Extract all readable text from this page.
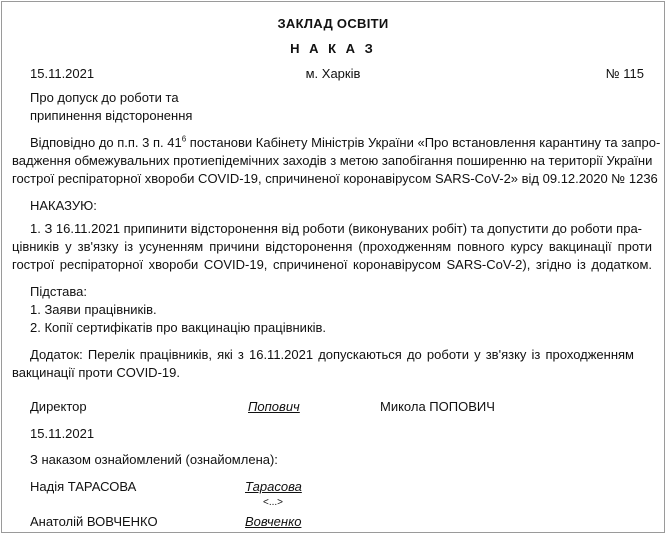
ЗАКЛАД ОСВІТИ
Н А К А З
15.11.2021	м. Харків	№ 115
Про допуск до роботи та
припинення відсторонення
Відповідно до п.п. 3 п. $41^6$ постанови Кабінету Міністрів України «Про встановлення карантину та запро-
вадження обмежувальних протиепідемічних заходів з метою запобігання поширенню на території України
гострої респіраторної хвороби COVID-19, спричиненої коронавірусом SARS-CoV-2» від 09.12.2020 № 1236
НАКАЗУЮ:
1. З 16.11.2021 припинити відсторонення від роботи (виконуваних робіт) та допустити до роботи пра-
цівників у зв'язку із усуненням причини відсторонення (проходженням повного курсу вакцинації проти
гострої респіраторної хвороби COVID-19, спричиненої коронавірусом SARS-CoV-2), згідно із додатком.
Підстава:
1. Заяви працівників.
2. Копії сертифікатів про вакцинацію працівників.
Додаток: Перелік працівників, які з 16.11.2021 допускаються до роботи у зв'язку із проходженням
вакцинації проти COVID-19.
Директор	Попович	Микола ПОПОВИЧ
15.11.2021
З наказом ознайомлений (ознайомлена):
Надія ТАРАСОВА	Тарасова
<...>
Анатолій ВОВЧЕНКО	Вовченко
